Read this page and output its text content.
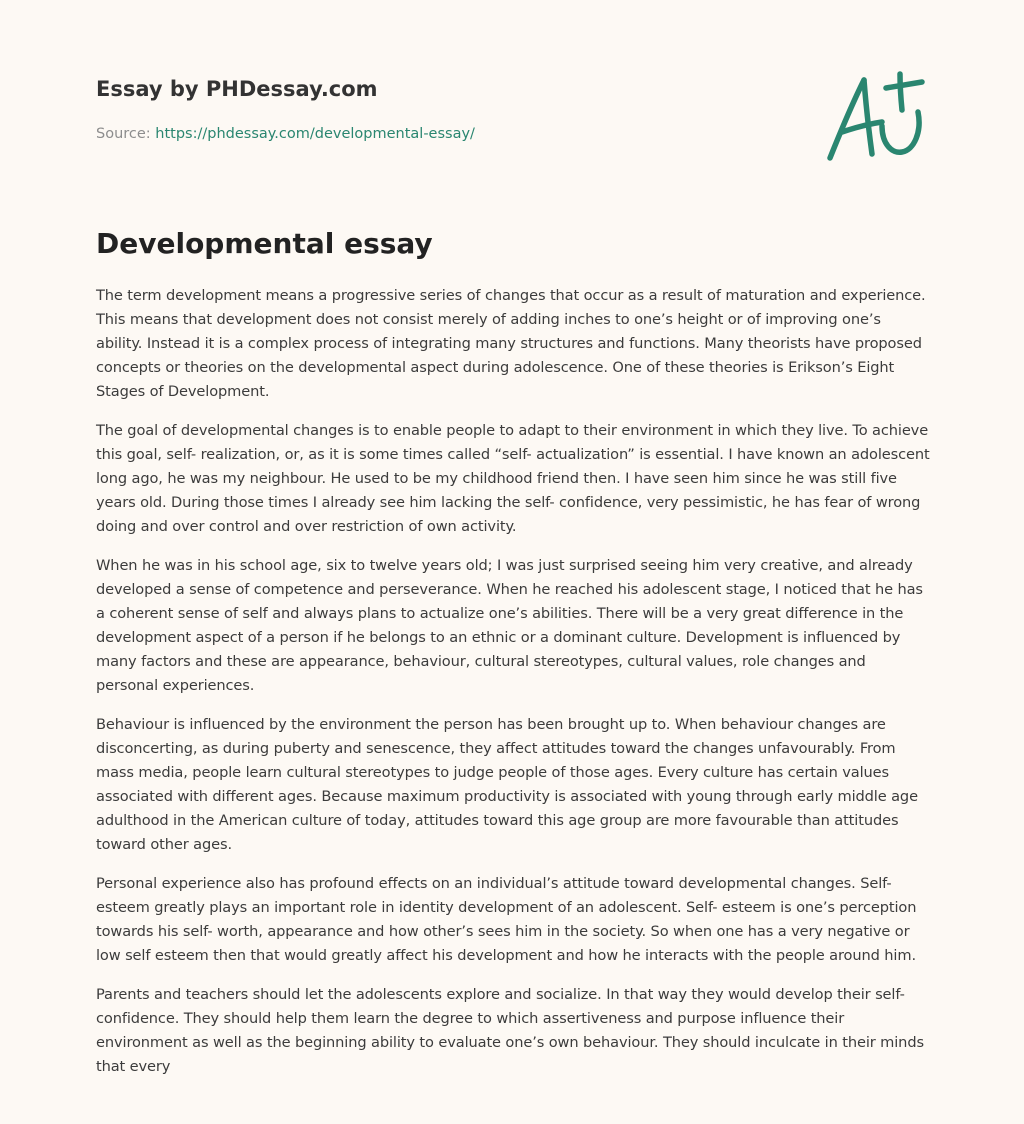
Essay by PHDessay.com
Source: https://phdessay.com/developmental-essay/
Developmental essay

The term development means a progressive series of changes that occur as a result of maturation and experience. This means that development does not consist merely of adding inches to one’s height or of improving one’s ability. Instead it is a complex process of integrating many structures and functions. Many theorists have proposed concepts or theories on the developmental aspect during adolescence. One of these theories is Erikson’s Eight Stages of Development.

The goal of developmental changes is to enable people to adapt to their environment in which they live. To achieve this goal, self- realization, or, as it is some times called “self- actualization” is essential. I have known an adolescent long ago, he was my neighbour. He used to be my childhood friend then. I have seen him since he was still five years old. During those times I already see him lacking the self- confidence, very pessimistic, he has fear of wrong doing and over control and over restriction of own activity.

When he was in his school age, six to twelve years old; I was just surprised seeing him very creative, and already developed a sense of competence and perseverance. When he reached his adolescent stage, I noticed that he has a coherent sense of self and always plans to actualize one’s abilities. There will be a very great difference in the development aspect of a person if he belongs to an ethnic or a dominant culture. Development is influenced by many factors and these are appearance, behaviour, cultural stereotypes, cultural values, role changes and personal experiences.

Behaviour is influenced by the environment the person has been brought up to. When behaviour changes are disconcerting, as during puberty and senescence, they affect attitudes toward the changes unfavourably. From mass media, people learn cultural stereotypes to judge people of those ages. Every culture has certain values associated with different ages. Because maximum productivity is associated with young through early middle age adulthood in the American culture of today, attitudes toward this age group are more favourable than attitudes toward other ages.

Personal experience also has profound effects on an individual’s attitude toward developmental changes. Self- esteem greatly plays an important role in identity development of an adolescent. Self- esteem is one’s perception towards his self- worth, appearance and how other’s sees him in the society. So when one has a very negative or low self esteem then that would greatly affect his development and how he interacts with the people around him.

Parents and teachers should let the adolescents explore and socialize. In that way they would develop their self- confidence. They should help them learn the degree to which assertiveness and purpose influence their environment as well as the beginning ability to evaluate one’s own behaviour. They should inculcate in their minds that every
